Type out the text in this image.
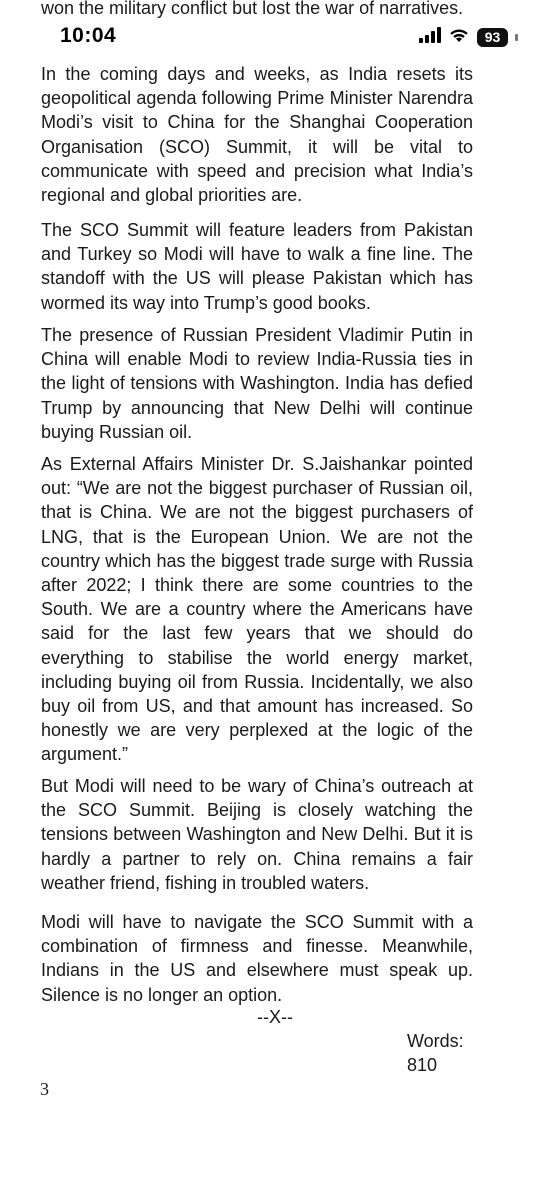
won the military conflict but lost the war of narratives.

In the coming days and weeks, as India resets its geopolitical agenda following Prime Minister Narendra Modi’s visit to China for the Shanghai Cooperation Organisation (SCO) Summit, it will be vital to communicate with speed and precision what India’s regional and global priorities are.

The SCO Summit will feature leaders from Pakistan and Turkey so Modi will have to walk a fine line. The standoff with the US will please Pakistan which has wormed its way into Trump’s good books.

The presence of Russian President Vladimir Putin in China will enable Modi to review India-Russia ties in the light of tensions with Washington. India has defied Trump by announcing that New Delhi will continue buying Russian oil.

As External Affairs Minister Dr. S.Jaishankar pointed out: “We are not the biggest purchaser of Russian oil, that is China. We are not the biggest purchasers of LNG, that is the European Union. We are not the country which has the biggest trade surge with Russia after 2022; I think there are some countries to the South. We are a country where the Americans have said for the last few years that we should do everything to stabilise the world energy market, including buying oil from Russia. Incidentally, we also buy oil from US, and that amount has increased. So honestly we are very perplexed at the logic of the argument.”

But Modi will need to be wary of China’s outreach at the SCO Summit. Beijing is closely watching the tensions between Washington and New Delhi. But it is hardly a partner to rely on. China remains a fair weather friend, fishing in troubled waters.

Modi will have to navigate the SCO Summit with a combination of firmness and finesse. Meanwhile, Indians in the US and elsewhere must speak up. Silence is no longer an option.

--X--
Words:
810
3
10:04	93
